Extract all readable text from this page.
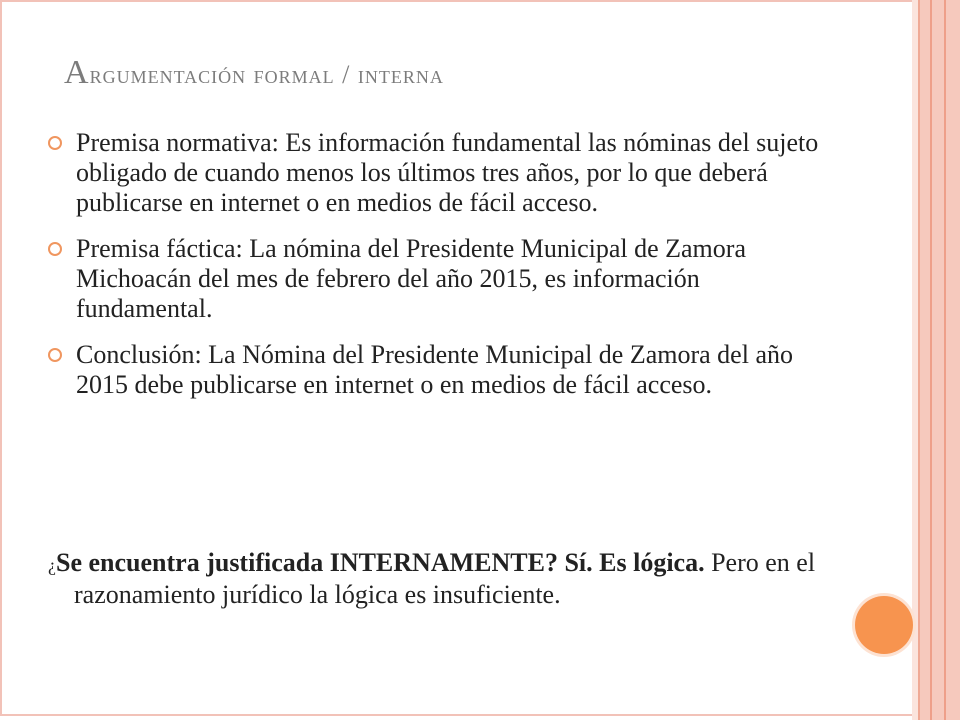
Argumentación formal / interna
Premisa normativa: Es información fundamental las nóminas del sujeto obligado de cuando menos los últimos tres años, por lo que deberá publicarse en internet o en medios de fácil acceso.
Premisa fáctica: La nómina del Presidente Municipal de Zamora Michoacán del mes de febrero del año 2015, es información fundamental.
Conclusión: La Nómina del Presidente Municipal de Zamora del año 2015 debe publicarse en internet o en medios de fácil acceso.
¿Se encuentra justificada INTERNAMENTE? Sí. Es lógica. Pero en el razonamiento jurídico la lógica es insuficiente.
